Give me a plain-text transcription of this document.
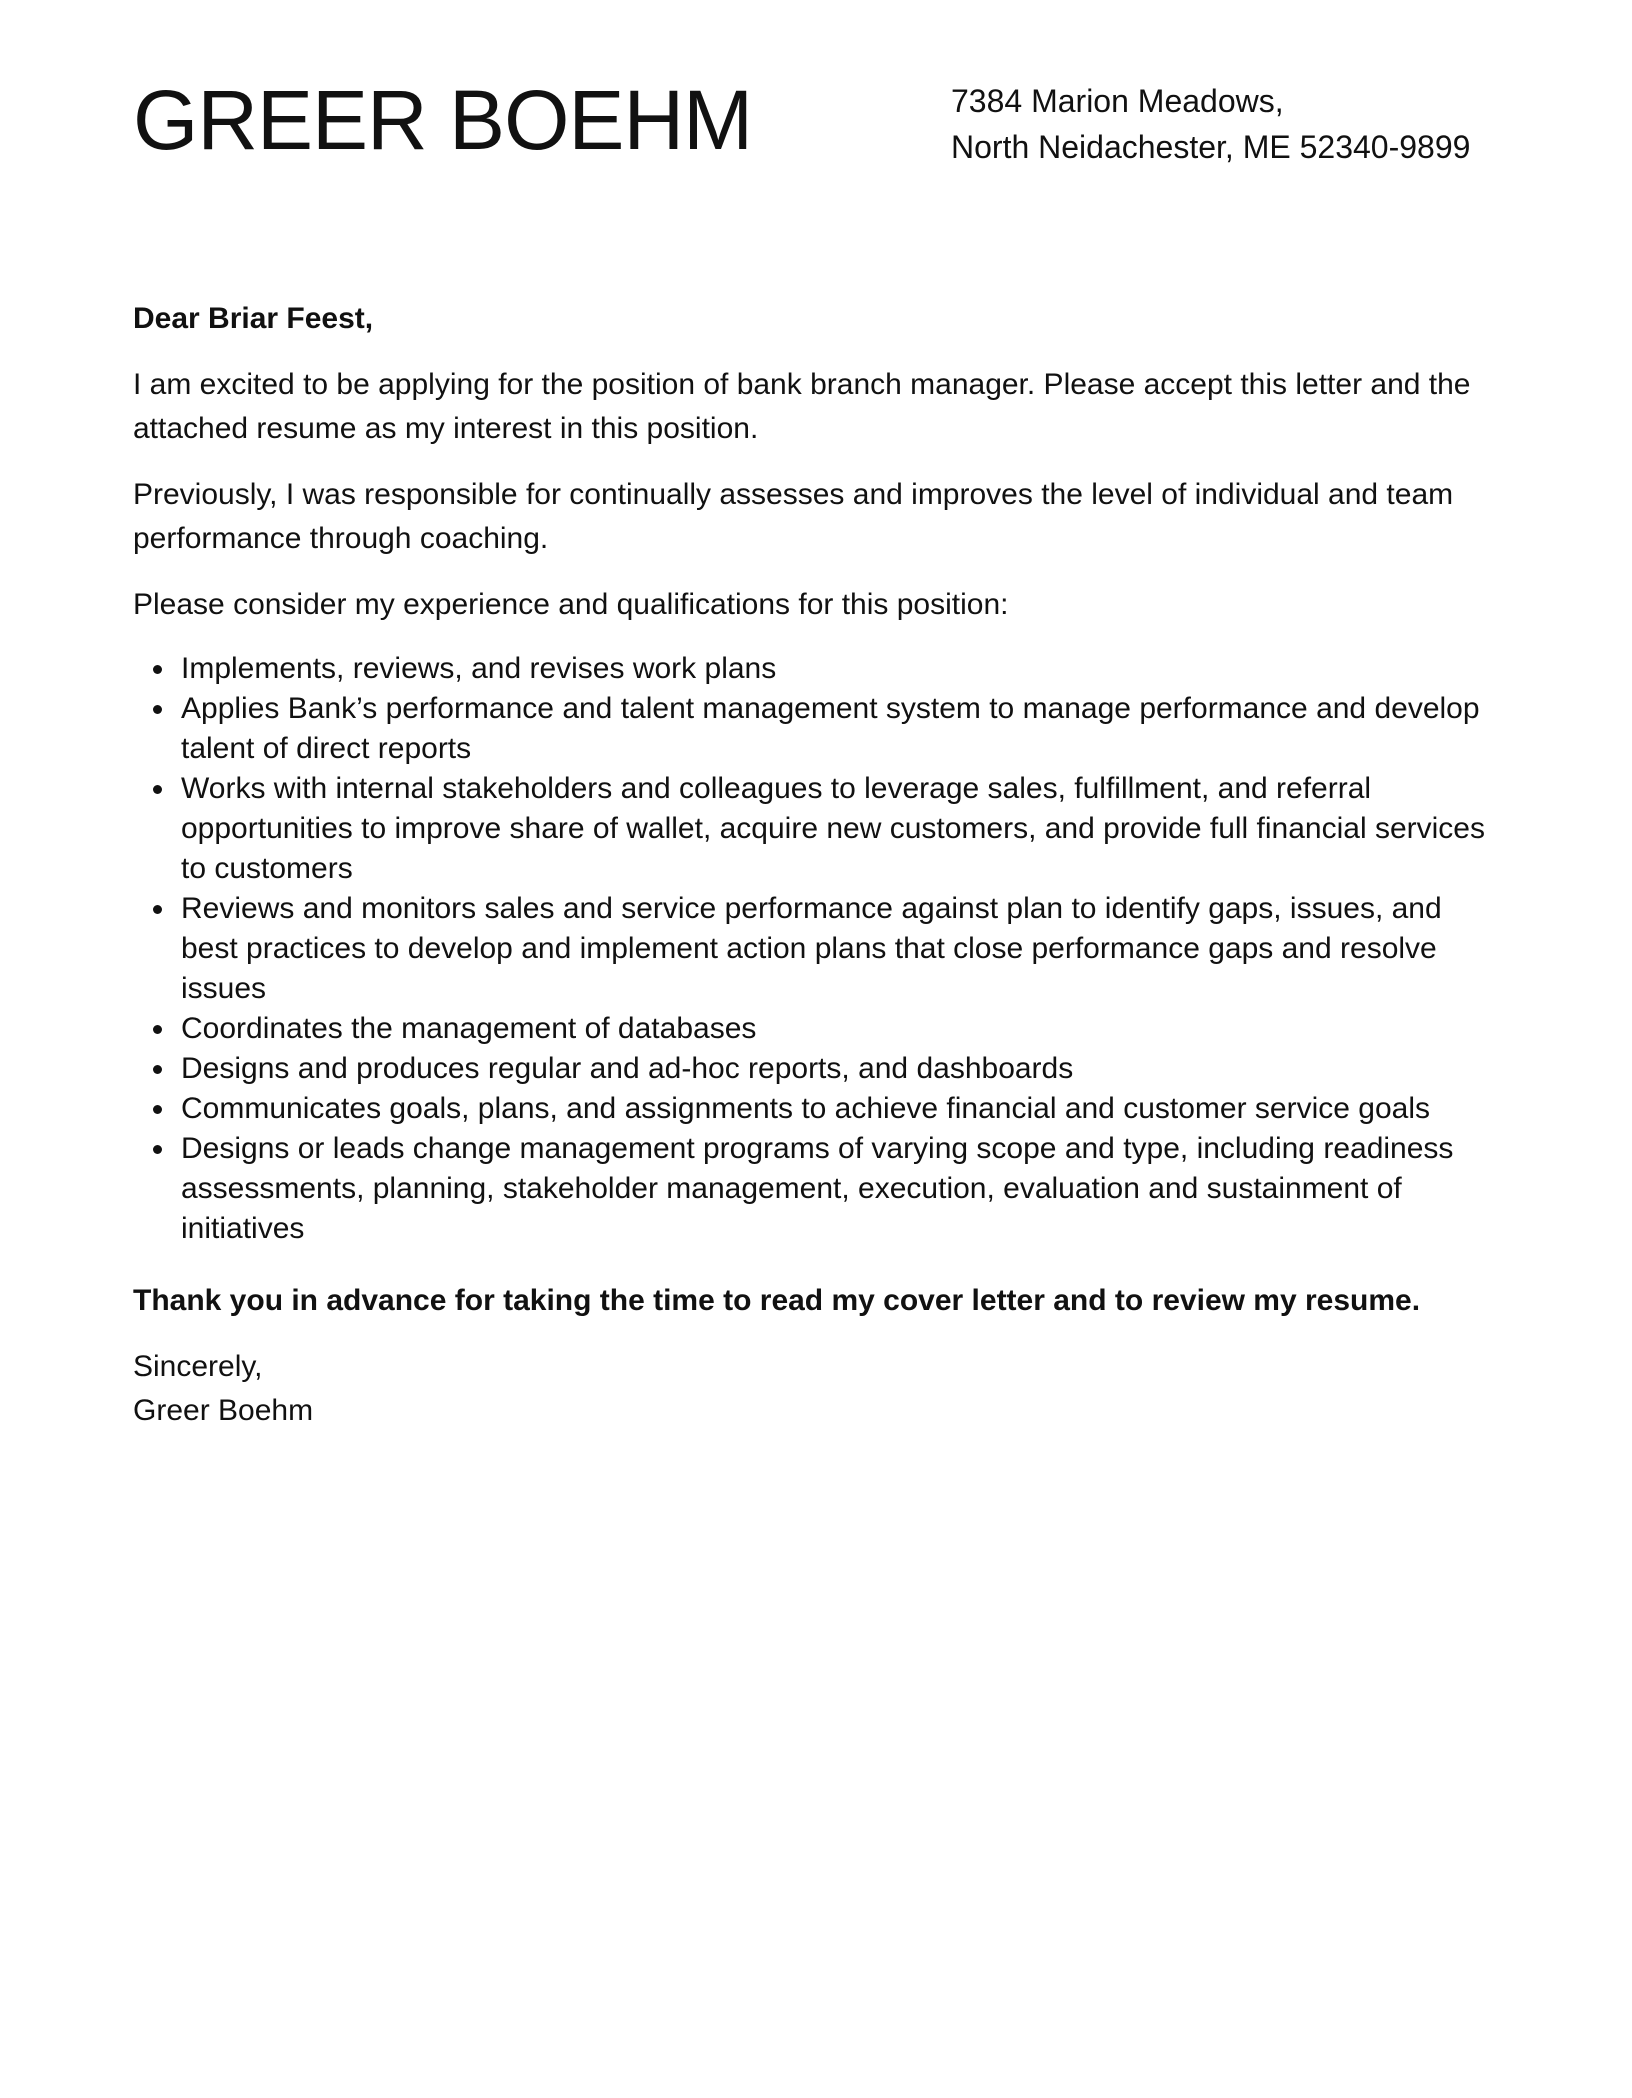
GREER BOEHM	7384 Marion Meadows,
North Neidachester, ME 52340-9899

Dear Briar Feest,

I am excited to be applying for the position of bank branch manager. Please accept this letter and the attached resume as my interest in this position.

Previously, I was responsible for continually assesses and improves the level of individual and team performance through coaching.

Please consider my experience and qualifications for this position:

Implements, reviews, and revises work plans
Applies Bank’s performance and talent management system to manage performance and develop talent of direct reports
Works with internal stakeholders and colleagues to leverage sales, fulfillment, and referral opportunities to improve share of wallet, acquire new customers, and provide full financial services to customers
Reviews and monitors sales and service performance against plan to identify gaps, issues, and best practices to develop and implement action plans that close performance gaps and resolve issues
Coordinates the management of databases
Designs and produces regular and ad-hoc reports, and dashboards
Communicates goals, plans, and assignments to achieve financial and customer service goals
Designs or leads change management programs of varying scope and type, including readiness assessments, planning, stakeholder management, execution, evaluation and sustainment of initiatives

Thank you in advance for taking the time to read my cover letter and to review my resume.

Sincerely,
Greer Boehm
